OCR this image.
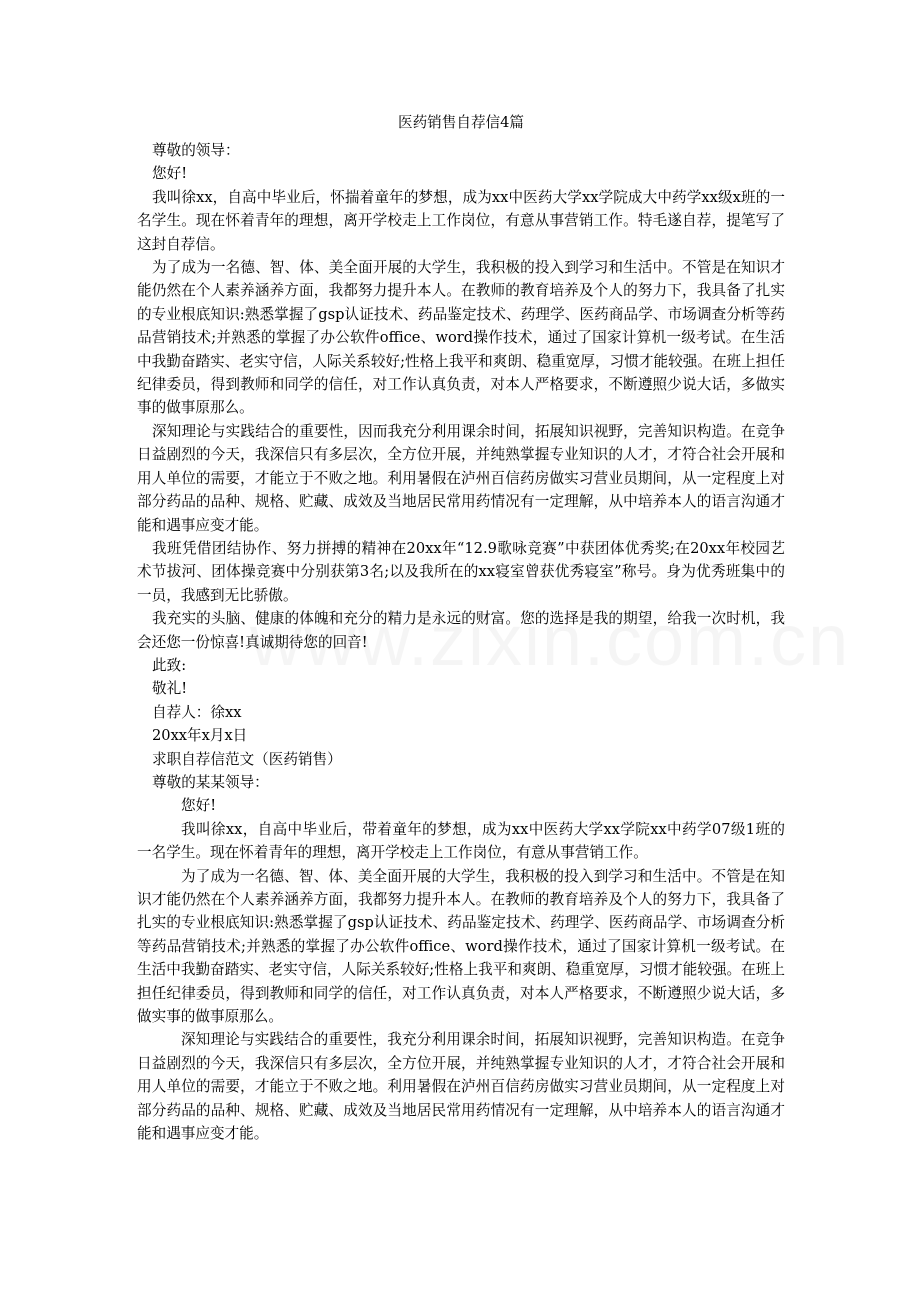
医药销售自荐信4篇
尊敬的领导：
您好!

我叫徐xx，自高中毕业后，怀揣着童年的梦想，成为xx中医药大学xx学院成大中药学xx级x班的一名学生。现在怀着青年的理想，离开学校走上工作岗位，有意从事营销工作。特毛遂自荐，提笔写了这封自荐信。

为了成为一名德、智、体、美全面开展的大学生，我积极的投入到学习和生活中。不管是在知识才能仍然在个人素养涵养方面，我都努力提升本人。在教师的教育培养及个人的努力下，我具备了扎实的专业根底知识:熟悉掌握了gsp认证技术、药品鉴定技术、药理学、医药商品学、市场调查分析等药品营销技术;并熟悉的掌握了办公软件office、word操作技术，通过了国家计算机一级考试。在生活中我勤奋踏实、老实守信，人际关系较好;性格上我平和爽朗、稳重宽厚，习惯才能较强。在班上担任纪律委员，得到教师和同学的信任，对工作认真负责，对本人严格要求，不断遵照少说大话，多做实事的做事原那么。

深知理论与实践结合的重要性，因而我充分利用课余时间，拓展知识视野，完善知识构造。在竞争日益剧烈的今天，我深信只有多层次，全方位开展，并纯熟掌握专业知识的人才，才符合社会开展和用人单位的需要，才能立于不败之地。利用暑假在泸州百信药房做实习营业员期间，从一定程度上对部分药品的品种、规格、贮藏、成效及当地居民常用药情况有一定理解，从中培养本人的语言沟通才能和遇事应变才能。

我班凭借团结协作、努力拼搏的精神在20xx年“12.9歌咏竞赛”中获团体优秀奖;在20xx年校园艺术节拔河、团体操竞赛中分别获第3名;以及我所在的xx寝室曾获优秀寝室”称号。身为优秀班集中的一员，我感到无比骄傲。

我充实的头脑、健康的体魄和充分的精力是永远的财富。您的选择是我的期望，给我一次时机，我会还您一份惊喜!真诚期待您的回音!

此致:
敬礼!
自荐人：徐xx
20xx年x月x日
求职自荐信范文（医药销售）
尊敬的某某领导：
您好!

我叫徐xx，自高中毕业后，带着童年的梦想，成为xx中医药大学xx学院xx中药学07级1班的一名学生。现在怀着青年的理想，离开学校走上工作岗位，有意从事营销工作。

为了成为一名德、智、体、美全面开展的大学生，我积极的投入到学习和生活中。不管是在知识才能仍然在个人素养涵养方面，我都努力提升本人。在教师的教育培养及个人的努力下，我具备了扎实的专业根底知识:熟悉掌握了gsp认证技术、药品鉴定技术、药理学、医药商品学、市场调查分析等药品营销技术;并熟悉的掌握了办公软件office、word操作技术，通过了国家计算机一级考试。在生活中我勤奋踏实、老实守信，人际关系较好;性格上我平和爽朗、稳重宽厚，习惯才能较强。在班上担任纪律委员，得到教师和同学的信任，对工作认真负责，对本人严格要求，不断遵照少说大话，多做实事的做事原那么。

深知理论与实践结合的重要性，我充分利用课余时间，拓展知识视野，完善知识构造。在竞争日益剧烈的今天，我深信只有多层次，全方位开展，并纯熟掌握专业知识的人才，才符合社会开展和用人单位的需要，才能立于不败之地。利用暑假在泸州百信药房做实习营业员期间，从一定程度上对部分药品的品种、规格、贮藏、成效及当地居民常用药情况有一定理解，从中培养本人的语言沟通才能和遇事应变才能。
